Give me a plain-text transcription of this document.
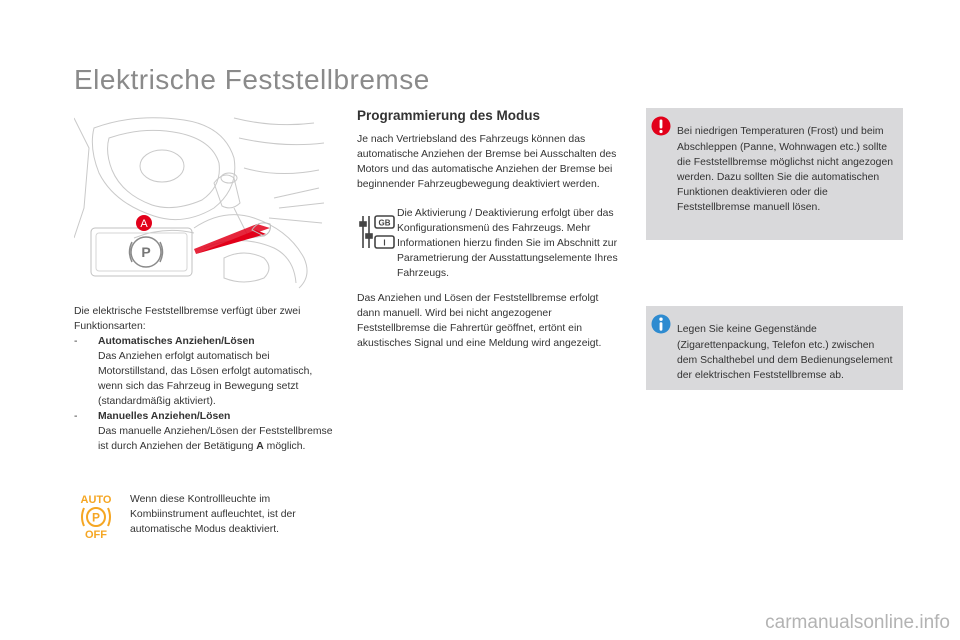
Elektrische Feststellbremse
P
A

Die elektrische Feststellbremse verfügt über zwei Funktionsarten:

-	Automatisches Anziehen/Lösen
Das Anziehen erfolgt automatisch bei Motorstillstand, das Lösen erfolgt automatisch, wenn sich das Fahrzeug in Bewegung setzt (standardmäßig aktiviert).
-	Manuelles Anziehen/Lösen
Das manuelle Anziehen/Lösen der Feststellbremse ist durch Anziehen der Betätigung A möglich.
AUTO
P
OFF

Wenn diese Kontrollleuchte im Kombiinstrument aufleuchtet, ist der automatische Modus deaktiviert.

Programmierung des Modus

Je nach Vertriebsland des Fahrzeugs können das automatische Anziehen der Bremse bei Ausschalten des Motors und das automatische Anziehen der Bremse bei beginnender Fahrzeugbewegung deaktiviert werden.

GB
I

Die Aktivierung / Deaktivierung erfolgt über das Konfigurationsmenü des Fahrzeugs. Mehr Informationen hierzu finden Sie im Abschnitt zur Parametrierung der Ausstattungselemente Ihres Fahrzeugs.

Das Anziehen und Lösen der Feststellbremse erfolgt dann manuell. Wird bei nicht angezogener Feststellbremse die Fahrertür geöffnet, ertönt ein akustisches Signal und eine Meldung wird angezeigt.

Bei niedrigen Temperaturen (Frost) und beim Abschleppen (Panne, Wohnwagen etc.) sollte die Feststellbremse möglichst nicht angezogen werden. Dazu sollten Sie die automatischen Funktionen deaktivieren oder die Feststellbremse manuell lösen.

Legen Sie keine Gegenstände (Zigarettenpackung, Telefon etc.) zwischen dem Schalthebel und dem Bedienungselement der elektrischen Feststellbremse ab.

carmanualsonline.info
